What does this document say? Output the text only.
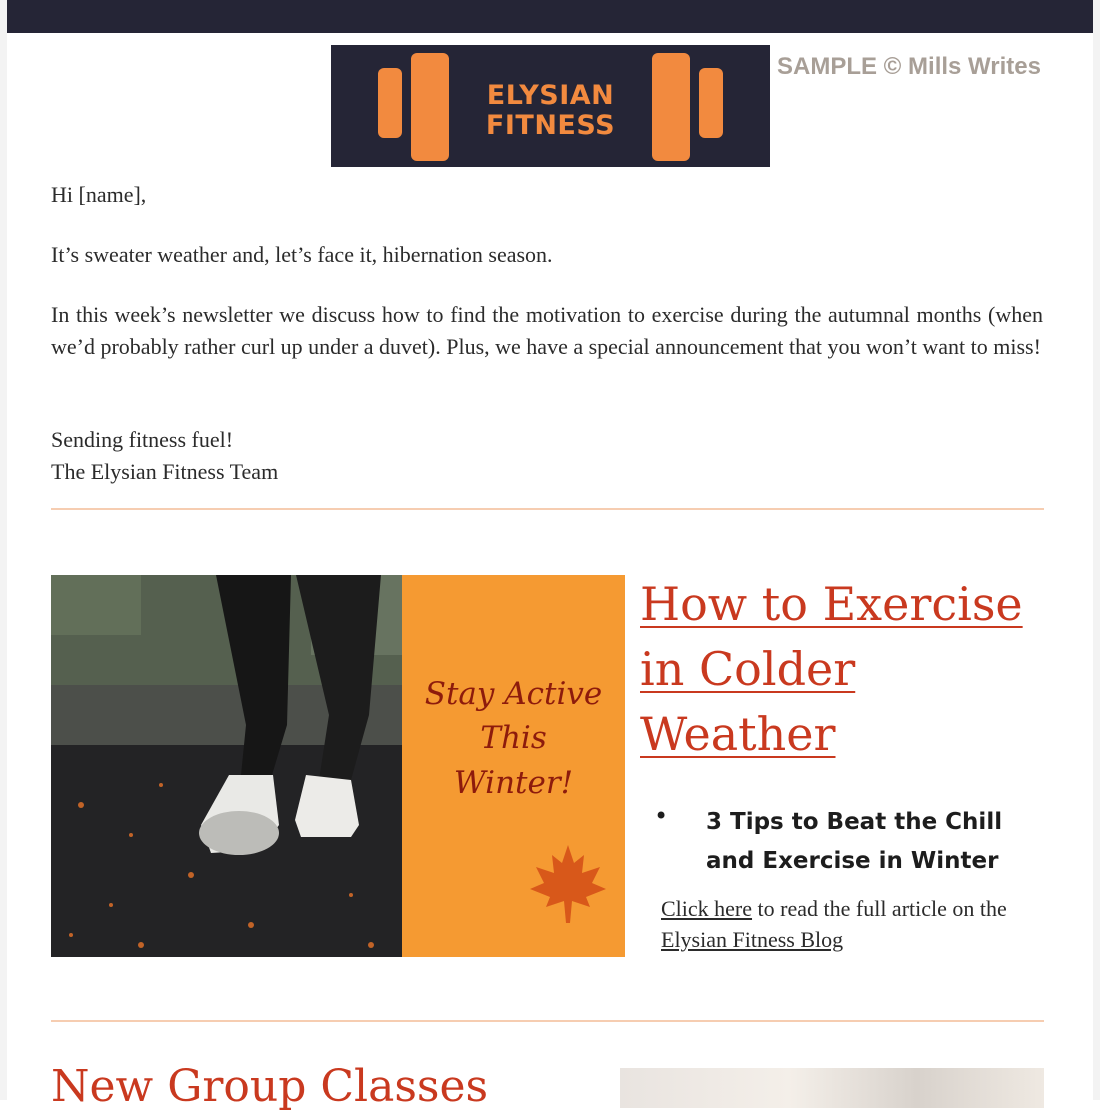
ELYSIAN
FITNESS
SAMPLE © Mills Writes

Hi [name],

It’s sweater weather and, let’s face it, hibernation season.

In this week’s newsletter we discuss how to find the motivation to exercise during the autumnal months (when we’d probably rather curl up under a duvet). Plus, we have a special announcement that you won’t want to miss!

Sending fitness fuel!
The Elysian Fitness Team

Stay Active
This
Winter!
How to Exercise in Colder Weather
• 3 Tips to Beat the Chill and Exercise in Winter
Click here to read the full article on the Elysian Fitness Blog
New Group Classes
